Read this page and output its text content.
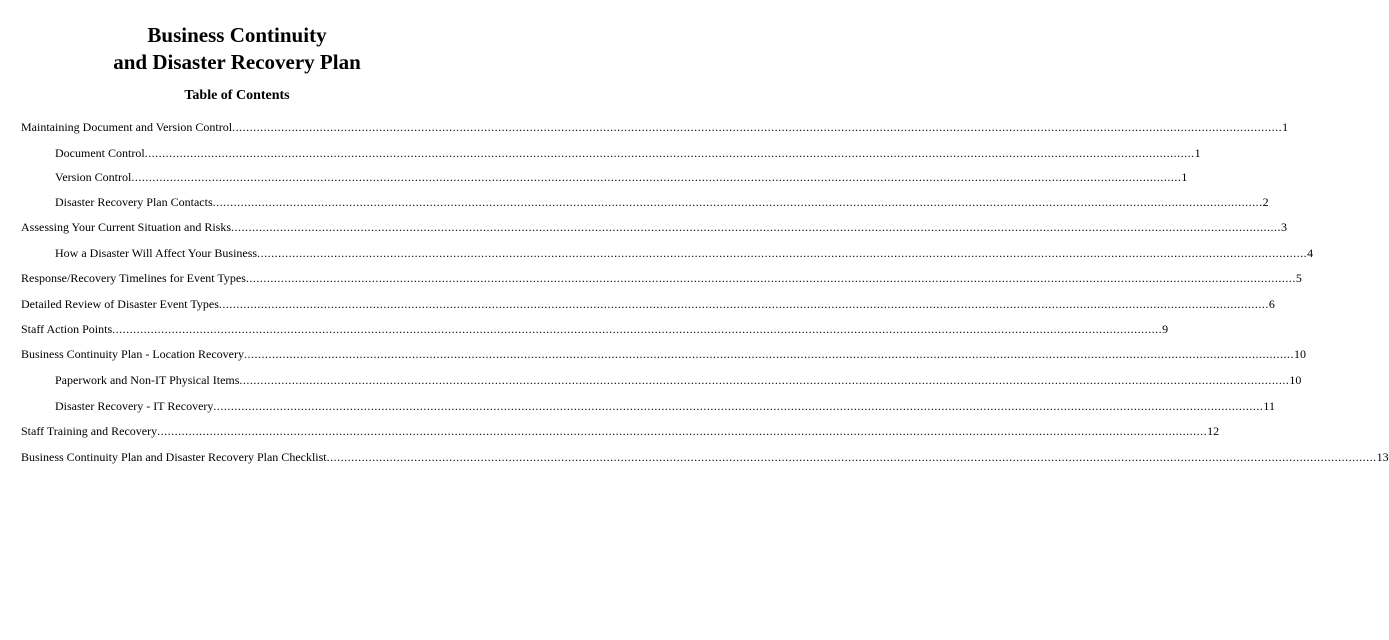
Business Continuity
and Disaster Recovery Plan
Table of Contents
Maintaining Document and Version Control ............................................................................................................................................................................................................................................................................................................ 1
Document Control ............................................................................................................................................................................................................................................................................................................ 1
Version Control ............................................................................................................................................................................................................................................................................................................ 1
Disaster Recovery Plan Contacts ............................................................................................................................................................................................................................................................................................................ 2
Assessing Your Current Situation and Risks ............................................................................................................................................................................................................................................................................................................ 3
How a Disaster Will Affect Your Business ............................................................................................................................................................................................................................................................................................................ 4
Response/Recovery Timelines for Event Types ............................................................................................................................................................................................................................................................................................................ 5
Detailed Review of Disaster Event Types ............................................................................................................................................................................................................................................................................................................ 6
Staff Action Points ............................................................................................................................................................................................................................................................................................................ 9
Business Continuity Plan - Location Recovery ............................................................................................................................................................................................................................................................................................................ 10
Paperwork and Non-IT Physical Items ............................................................................................................................................................................................................................................................................................................ 10
Disaster Recovery - IT Recovery ............................................................................................................................................................................................................................................................................................................ 11
Staff Training and Recovery ............................................................................................................................................................................................................................................................................................................ 12
Business Continuity Plan and Disaster Recovery Plan Checklist ............................................................................................................................................................................................................................................................................................................ 13
